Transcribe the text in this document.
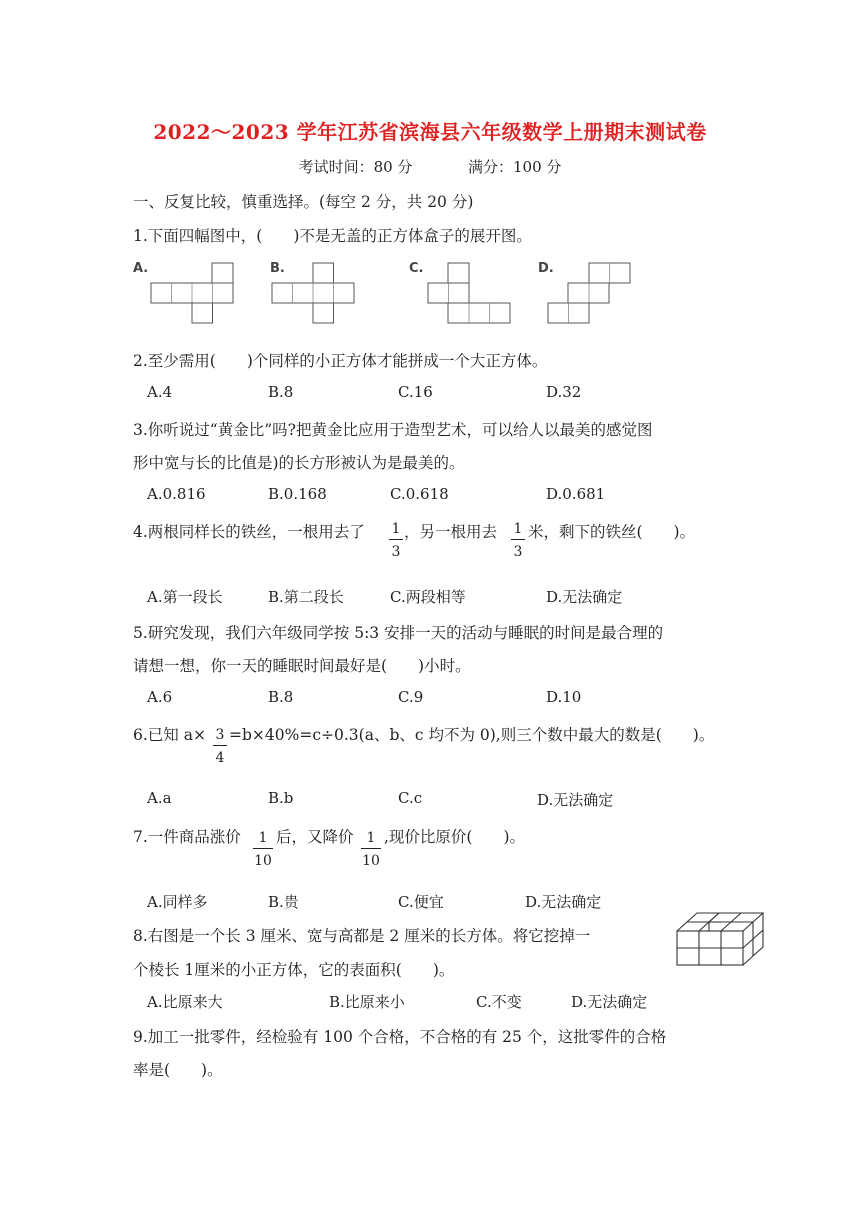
2022～2023 学年江苏省滨海县六年级数学上册期末测试卷
考试时间：80 分	满分：100 分
一、反复比较，慎重选择。(每空 2 分，共 20 分)
1.下面四幅图中，(　　)不是无盖的正方体盒子的展开图。
A.	B.	C.	D.
2.至少需用(　　)个同样的小正方体才能拼成一个大正方体。
A.4	B.8	C.16	D.32
3.你听说过“黄金比”吗?把黄金比应用于造型艺术，可以给人以最美的感觉图
形中宽与长的比值是)的长方形被认为是最美的。
A.0.816	B.0.168	C.0.618	D.0.681
4.两根同样长的铁丝，一根用去了 $\frac{1}{3}$ ，另一根用去 $\frac{1}{3}$ 米，剩下的铁丝(　　)。
A.第一段长	B.第二段长	C.两段相等	D.无法确定
5.研究发现，我们六年级同学按 5:3 安排一天的活动与睡眠的时间是最合理的
请想一想，你一天的睡眠时间最好是(　　)小时。
A.6	B.8	C.9	D.10
6.已知 $a\times \frac{3}{4} =b\times 40\%=c\div 0.3(a$、b、c 均不为 0),则三个数中最大的数是(　　)。
A.a	B.b	C.c	D.无法确定
7.一件商品涨价 $\frac{1}{10}$ 后，又降价 $\frac{1}{10}$ ,现价比原价(　　)。
A.同样多	B.贵	C.便宜	D.无法确定
8.右图是一个长 3 厘米、宽与高都是 2 厘米的长方体。将它挖掉一
个棱长 1厘米的小正方体，它的表面积(　　)。
A.比原来大	B.比原来小	C.不变	D.无法确定
9.加工一批零件，经检验有 100 个合格，不合格的有 25 个，这批零件的合格
率是(　　)。
